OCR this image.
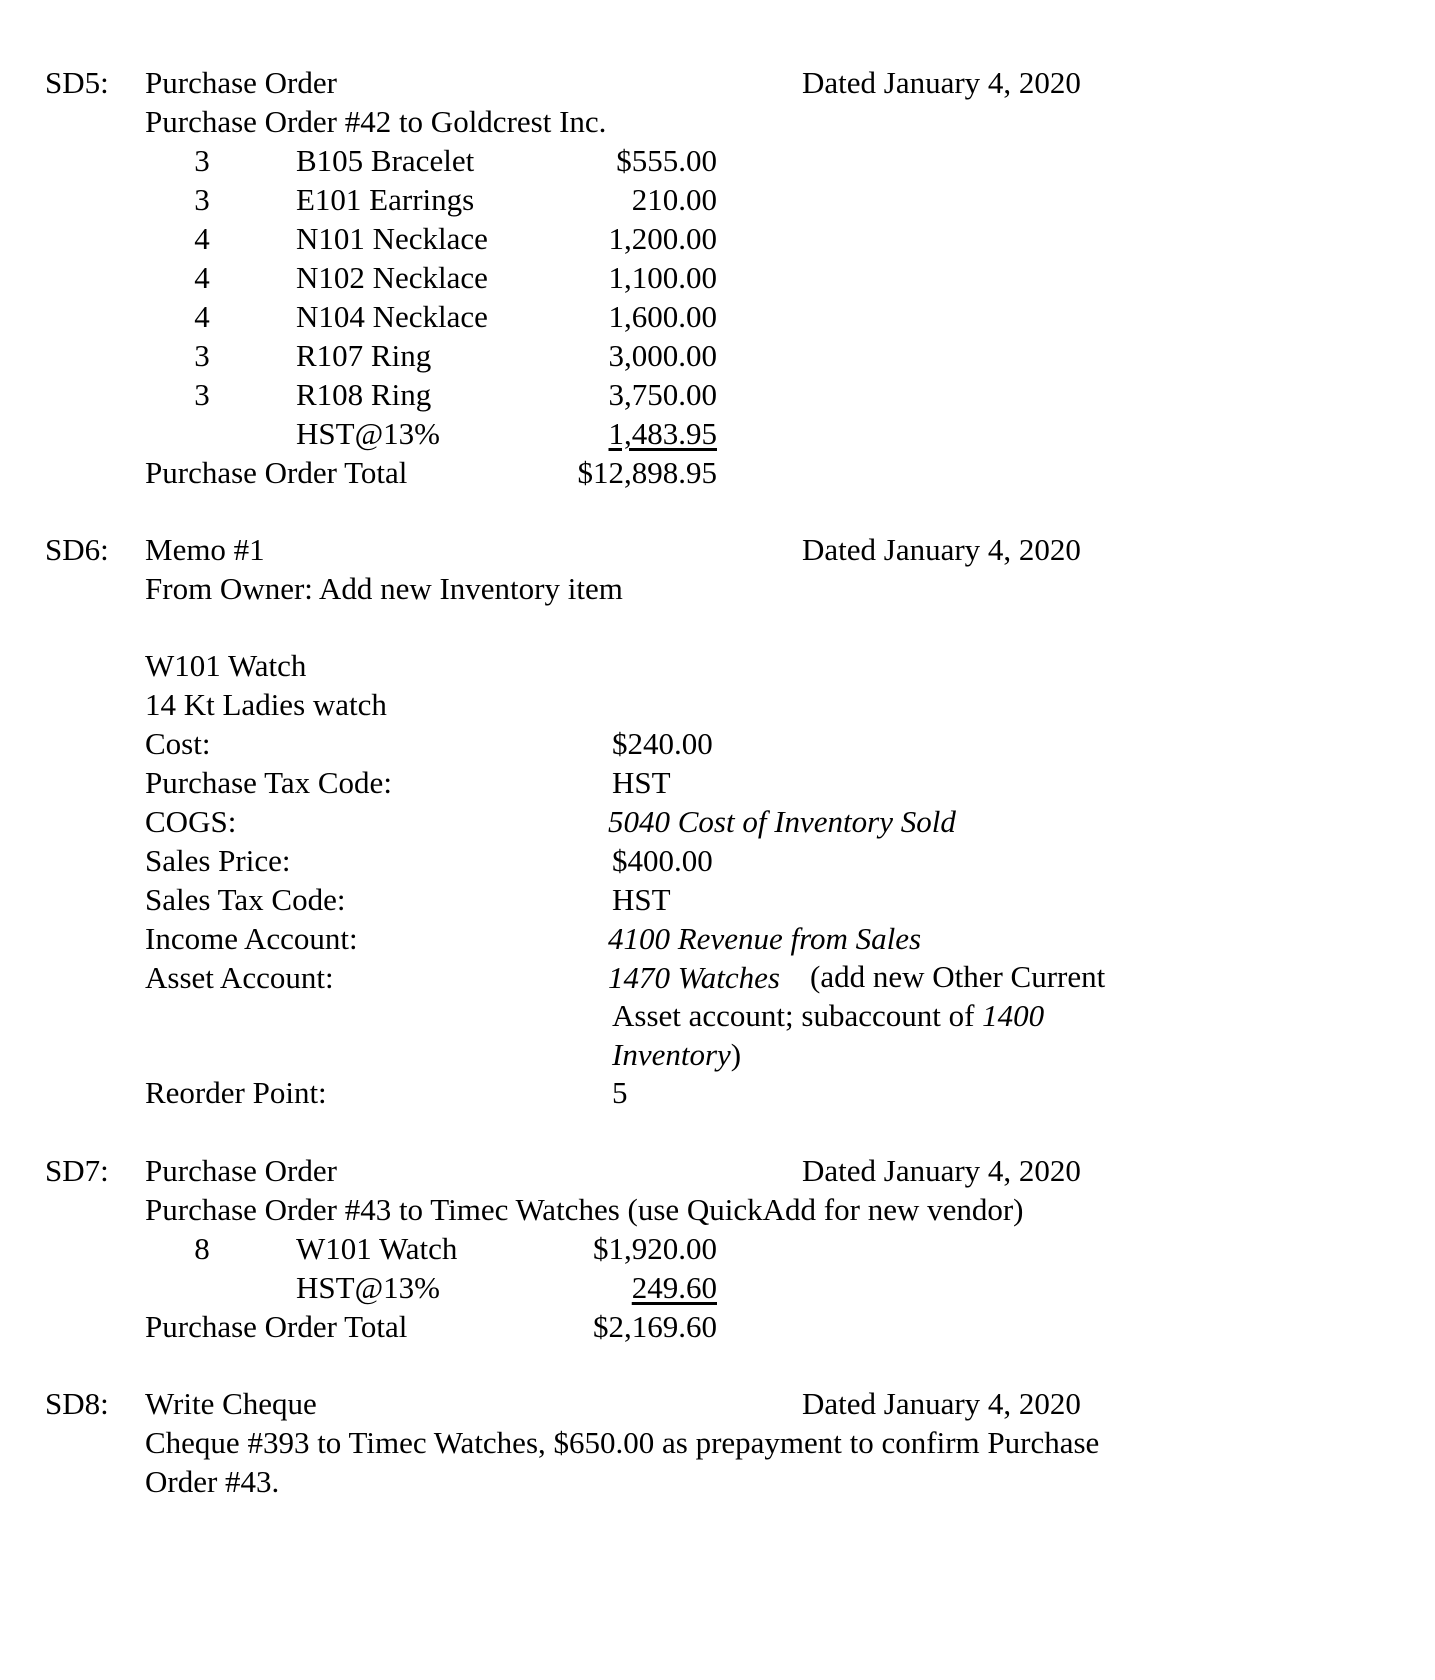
SD5: Purchase Order	Dated January 4, 2020
Purchase Order #42 to Goldcrest Inc.
3	B105 Bracelet	$555.00
3	E101 Earrings	210.00
4	N101 Necklace	1,200.00
4	N102 Necklace	1,100.00
4	N104 Necklace	1,600.00
3	R107 Ring	3,000.00
3	R108 Ring	3,750.00
HST@13%	1,483.95
Purchase Order Total	$12,898.95
SD6: Memo #1	Dated January 4, 2020
From Owner: Add new Inventory item
W101 Watch
14 Kt Ladies watch
Cost:	$240.00
Purchase Tax Code:	HST
COGS:	5040 Cost of Inventory Sold
Sales Price:	$400.00
Sales Tax Code:	HST
Income Account:	4100 Revenue from Sales
Asset Account:	1470 Watches (add new Other Current
Asset account; subaccount of 1400
Inventory)
Reorder Point:	5
SD7: Purchase Order	Dated January 4, 2020
Purchase Order #43 to Timec Watches (use QuickAdd for new vendor)
8	W101 Watch	$1,920.00
HST@13%	249.60
Purchase Order Total	$2,169.60
SD8: Write Cheque	Dated January 4, 2020
Cheque #393 to Timec Watches, $650.00 as prepayment to confirm Purchase
Order #43.
